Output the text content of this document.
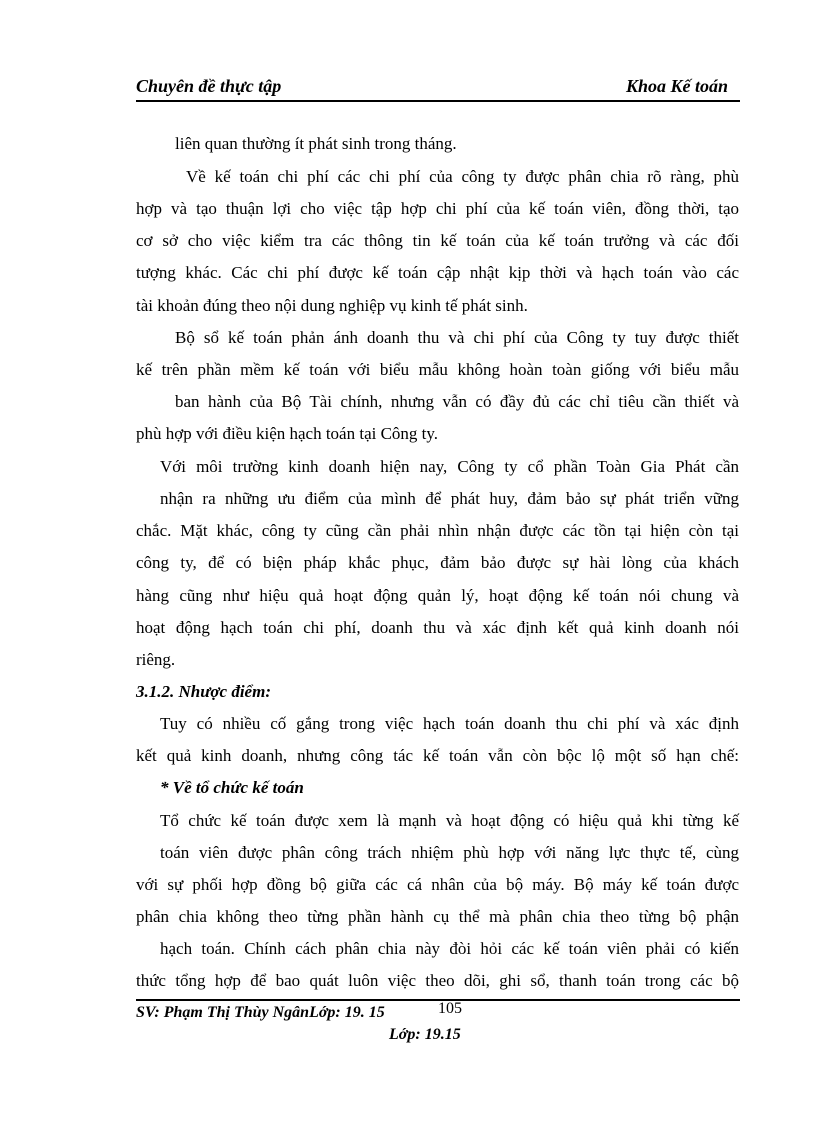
Chuyên đề thực tập	Khoa Kế toán
liên quan thường ít phát sinh trong tháng.
Về kế toán chi phí các chi phí của công ty được phân chia rõ ràng, phù
hợp và tạo thuận lợi cho việc tập hợp chi phí của kế toán viên, đồng thời, tạo
cơ sở cho việc kiểm tra các thông tin kế toán của kế toán trưởng và các đối
tượng khác. Các chi phí được kế toán cập nhật kịp thời và hạch toán vào các
tài khoản đúng theo nội dung nghiệp vụ kinh tế phát sinh.
Bộ sổ kế toán phản ánh doanh thu và chi phí của Công ty tuy được thiết
kế trên phần mềm kế toán với biểu mẫu không hoàn toàn giống với biểu mẫu
ban hành của Bộ Tài chính, nhưng vẫn có đầy đủ các chỉ tiêu cần thiết và
phù hợp với điều kiện hạch toán tại Công ty.
Với môi trường kinh doanh hiện nay, Công ty cổ phần Toàn Gia Phát cần
nhận ra những ưu điểm của mình để phát huy, đảm bảo sự phát triển vững
chắc. Mặt khác, công ty cũng cần phải nhìn nhận được các tồn tại hiện còn tại
công ty, để có biện pháp khắc phục, đảm bảo được sự hài lòng của khách
hàng cũng như hiệu quả hoạt động quản lý, hoạt động kế toán nói chung và
hoạt động hạch toán chi phí, doanh thu và xác định kết quả kinh doanh nói
riêng.
3.1.2. Nhược điểm:
Tuy có nhiều cố gắng trong việc hạch toán doanh thu chi phí và xác định
kết quả kinh doanh, nhưng công tác kế toán vẫn còn bộc lộ một số hạn chế:
* Về tổ chức kế toán
Tổ chức kế toán được xem là mạnh và hoạt động có hiệu quả khi từng kế
toán viên được phân công trách nhiệm phù hợp với năng lực thực tế, cùng
với sự phối hợp đồng bộ giữa các cá nhân của bộ máy. Bộ máy kế toán được
phân chia không theo từng phần hành cụ thể mà phân chia theo từng bộ phận
hạch toán. Chính cách phân chia này đòi hỏi các kế toán viên phải có kiến
thức tổng hợp để bao quát luôn việc theo dõi, ghi sổ, thanh toán trong các bộ
SV: Phạm Thị Thùy NgânLớp: 19. 15	105
Lớp: 19.15
